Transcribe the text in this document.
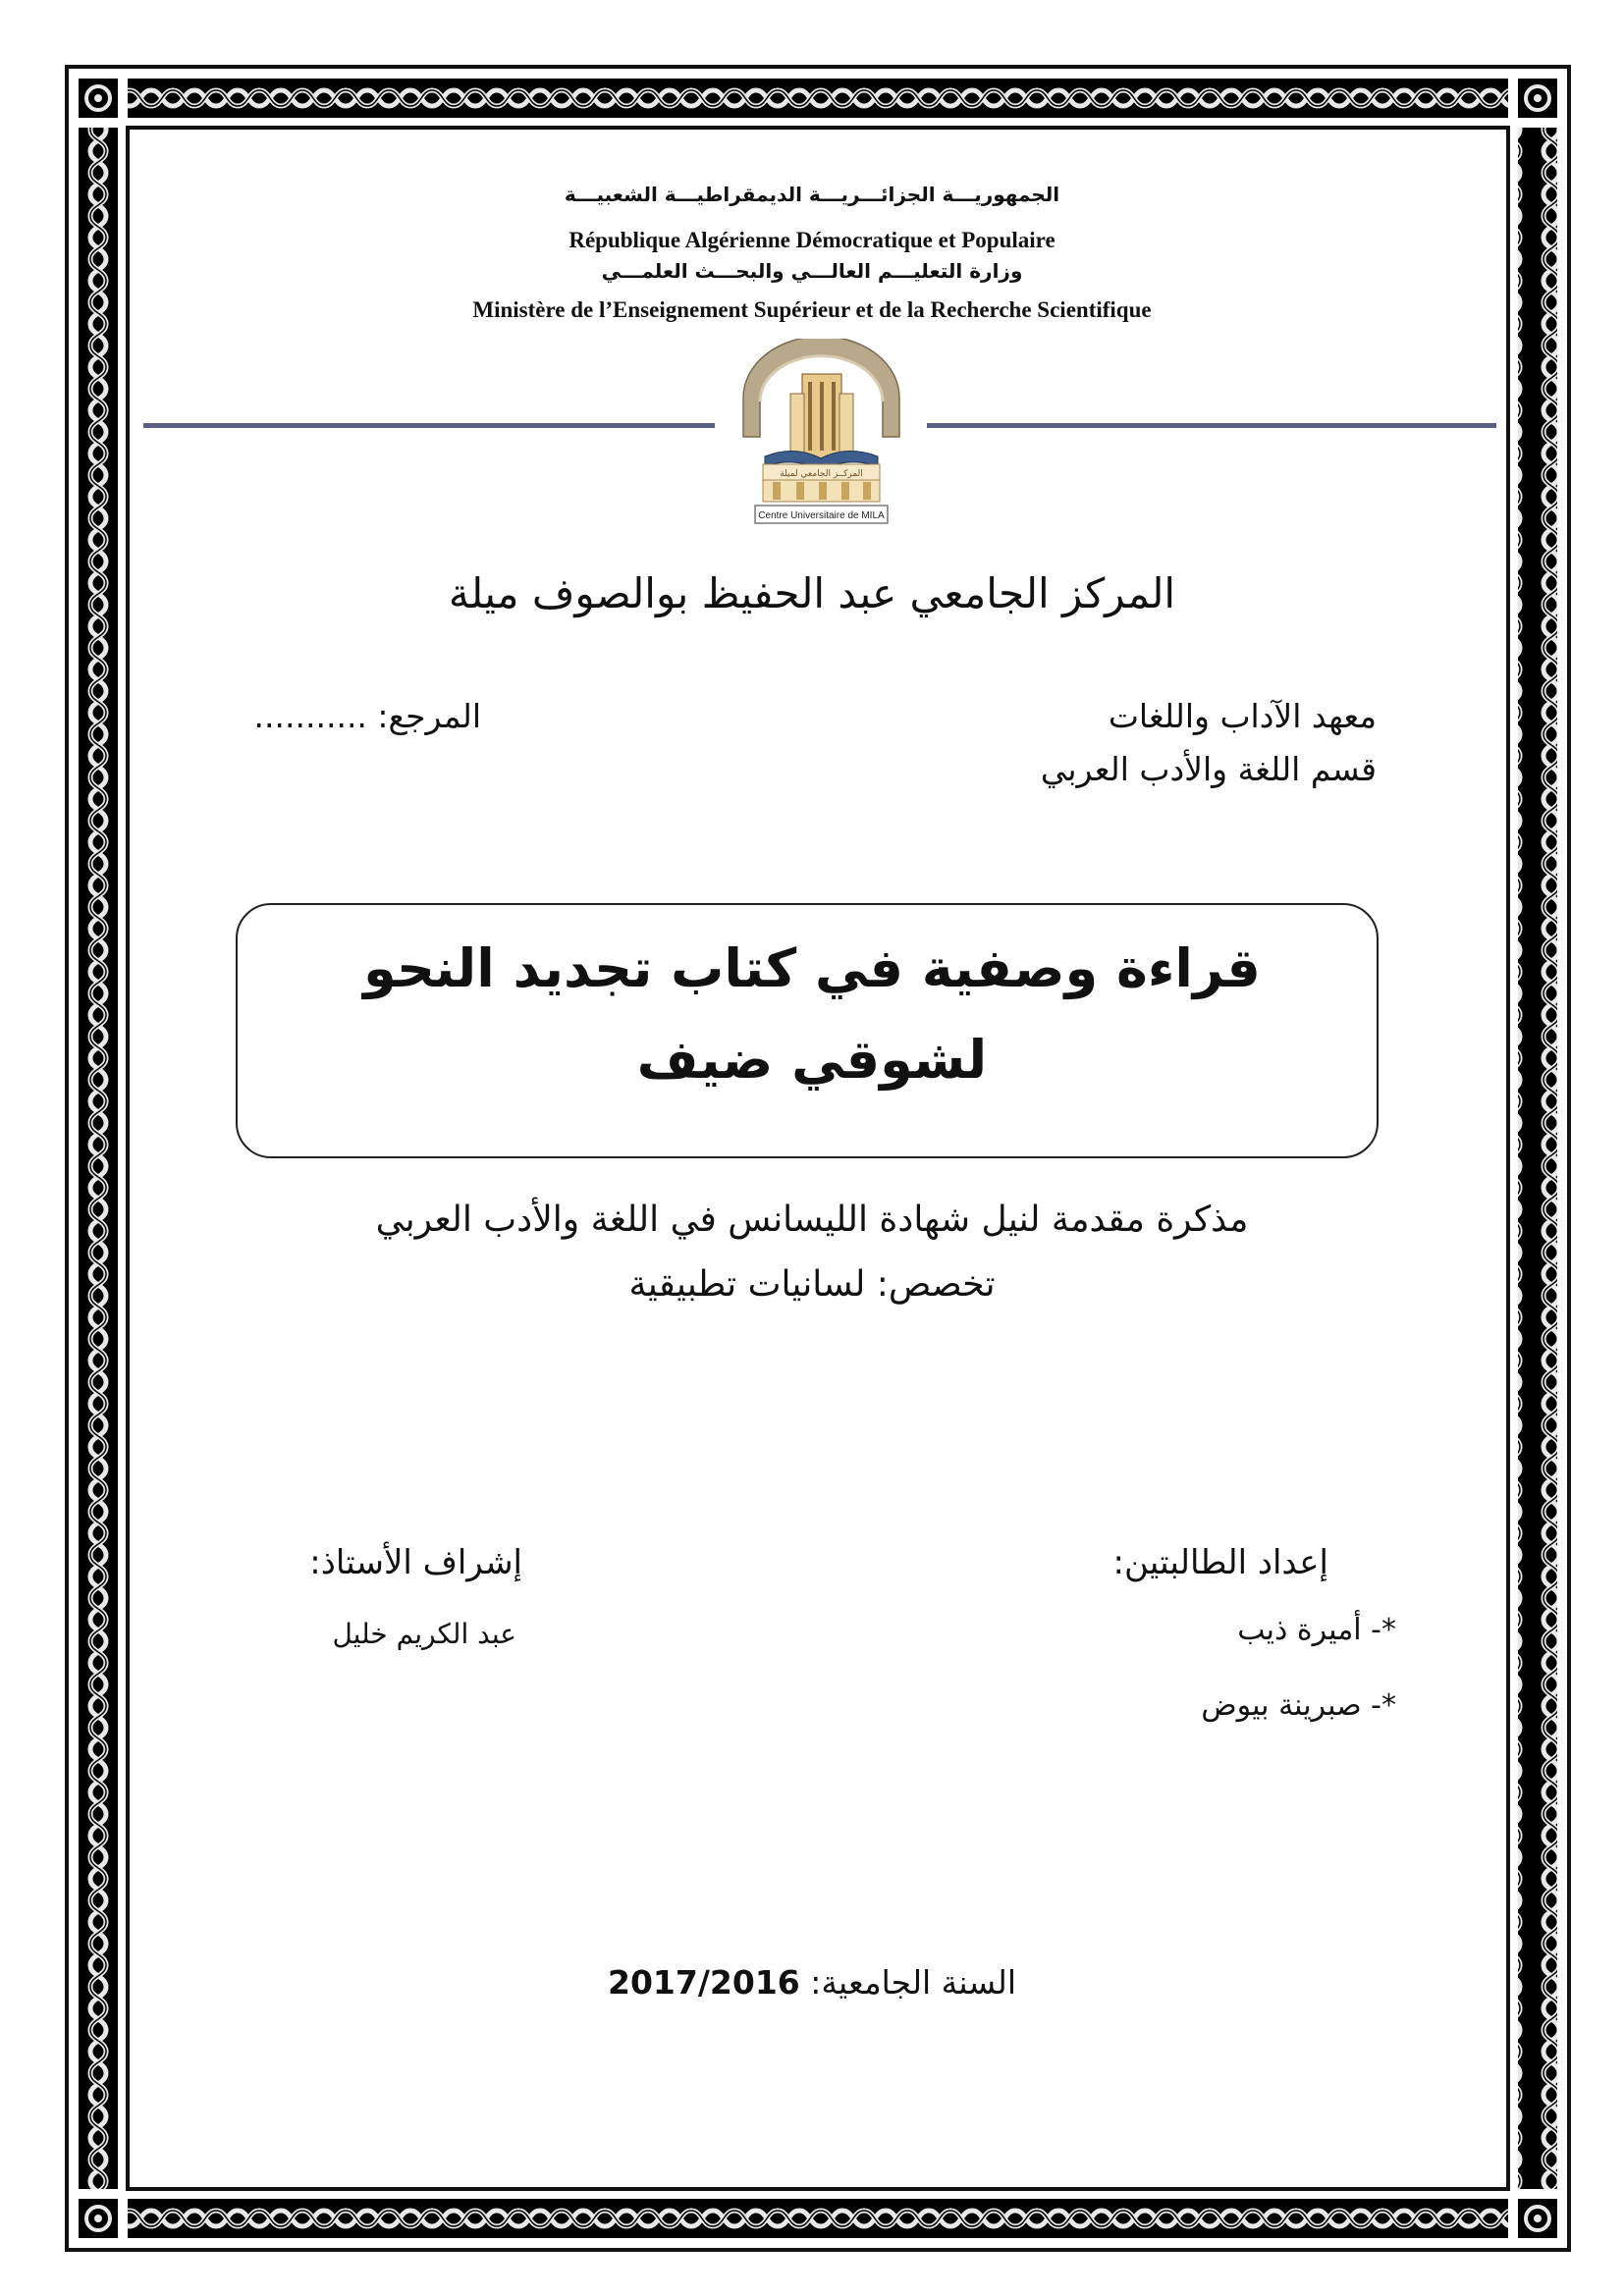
الجمهوريـــة الجزائـــريـــة الديمقراطيـــة الشعبيـــة
République Algérienne Démocratique et Populaire
وزارة التعليـــم العالـــي والبحـــث العلمـــي
Ministère de l’Enseignement Supérieur et de la Recherche Scientifique
المركــز الجامعي لميلة
Centre Universitaire de MILA
المركز الجامعي عبد الحفيظ بوالصوف ميلة
معهد الآداب واللغات
قسم اللغة والأدب العربي
المرجع: ...........
قراءة وصفية في كتاب تجديد النحو
لشوقي ضيف
مذكرة مقدمة لنيل شهادة الليسانس في اللغة والأدب العربي
تخصص: لسانيات تطبيقية
إعداد الطالبتين:
*- أميرة ذيب
*- صبرينة بيوض
إشراف الأستاذ:
عبد الكريم خليل
السنة الجامعية: 2017/2016
